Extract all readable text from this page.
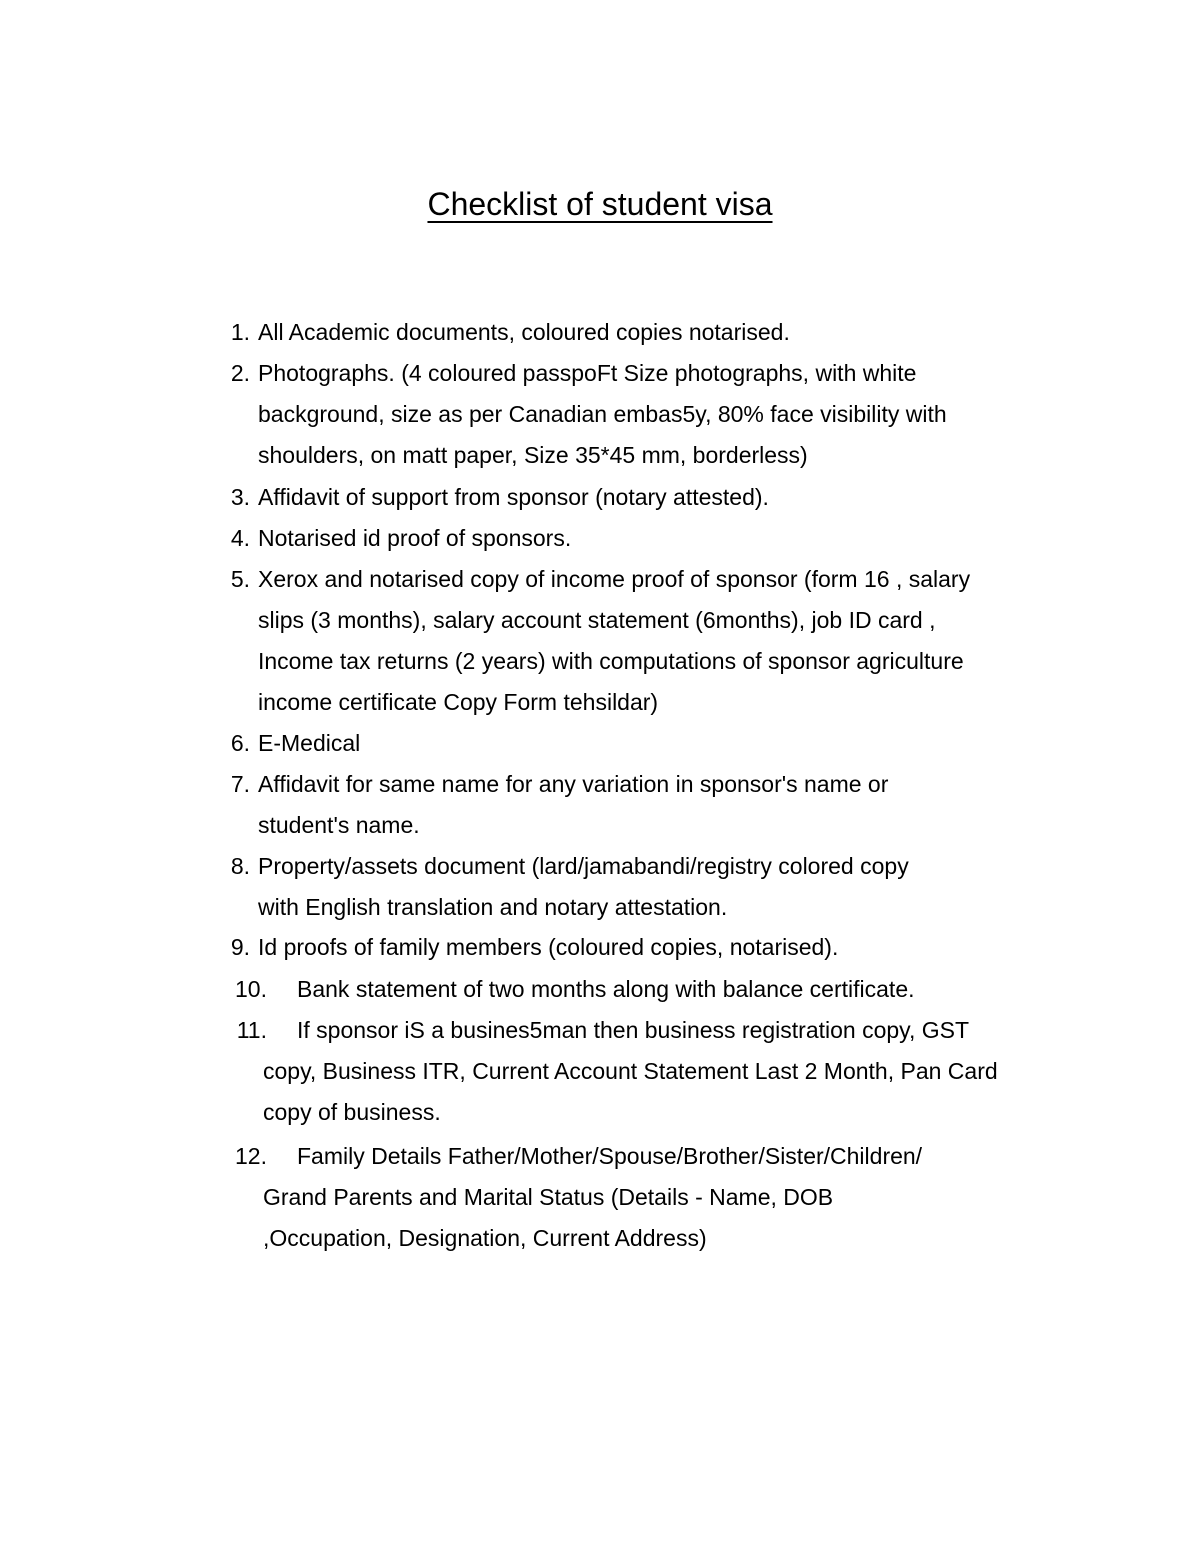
Checklist of student visa
1. All Academic documents, coloured copies notarised.
2. Photographs. (4 coloured passpoFt Size photographs, with white
background, size as per Canadian embas5y, 80% face visibility with
shoulders, on matt paper, Size 35*45 mm, borderless)
3. Affidavit of support from sponsor (notary attested).
4. Notarised id proof of sponsors.
5. Xerox and notarised copy of income proof of sponsor (form 16 , salary
slips (3 months), salary account statement (6months), job ID card ,
Income tax returns (2 years) with computations of sponsor agriculture
income certificate Copy Form tehsildar)
6. E-Medical
7. Affidavit for same name for any variation in sponsor's name or
student's name.
8. Property/assets document (lard/jamabandi/registry colored copy
with English translation and notary attestation.
9. Id proofs of family members (coloured copies, notarised).
10.	Bank statement of two months along with balance certificate.
11.	If sponsor iS a busines5man then business registration copy, GST
copy, Business ITR, Current Account Statement Last 2 Month, Pan Card
copy of business.
12.	Family Details Father/Mother/Spouse/Brother/Sister/Children/
Grand Parents and Marital Status (Details - Name, DOB
,Occupation, Designation, Current Address)
